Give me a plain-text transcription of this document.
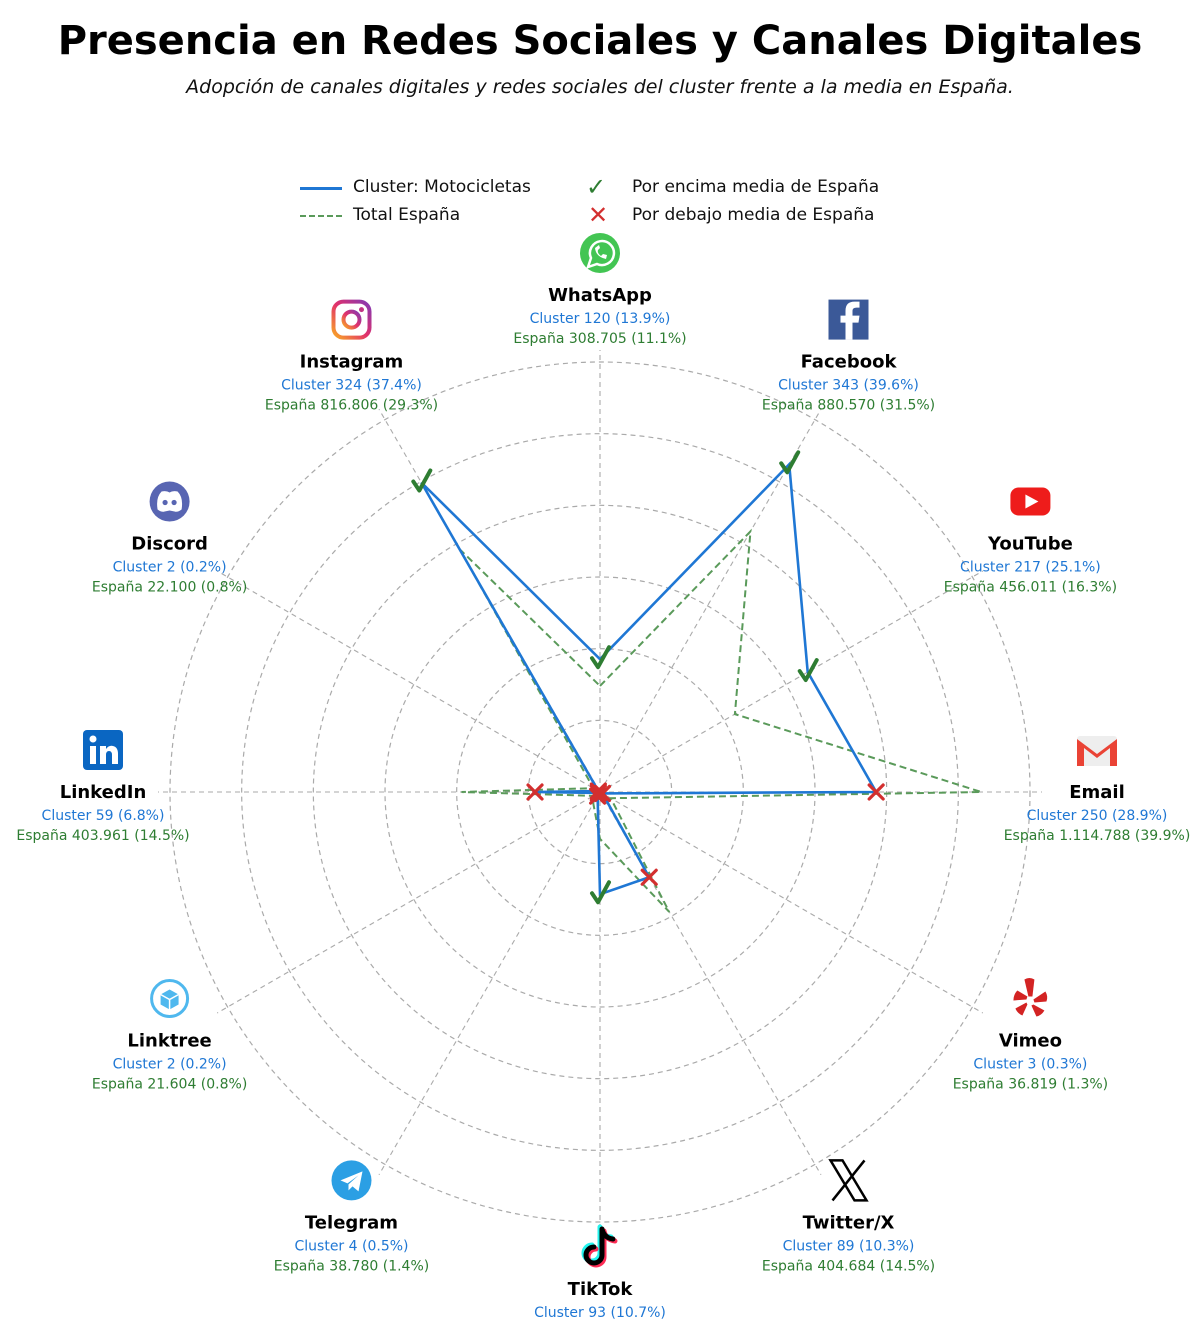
Presencia en Redes Sociales y Canales Digitales
Adopción de canales digitales y redes sociales del cluster frente a la media en España.
Cluster: Motocicletas
Total España
✓ Por encima media de España
✕ Por debajo media de España
WhatsApp
Cluster 120 (13.9%)
España 308.705 (11.1%)
Facebook
Cluster 343 (39.6%)
España 880.570 (31.5%)
YouTube
Cluster 217 (25.1%)
España 456.011 (16.3%)
Email
Cluster 250 (28.9%)
España 1.114.788 (39.9%)
Vimeo
Cluster 3 (0.3%)
España 36.819 (1.3%)
Twitter/X
Cluster 89 (10.3%)
España 404.684 (14.5%)
TikTok
Cluster 93 (10.7%)
Telegram
Cluster 4 (0.5%)
España 38.780 (1.4%)
Linktree
Cluster 2 (0.2%)
España 21.604 (0.8%)
LinkedIn
Cluster 59 (6.8%)
España 403.961 (14.5%)
Discord
Cluster 2 (0.2%)
España 22.100 (0.8%)
Instagram
Cluster 324 (37.4%)
España 816.806 (29.3%)
